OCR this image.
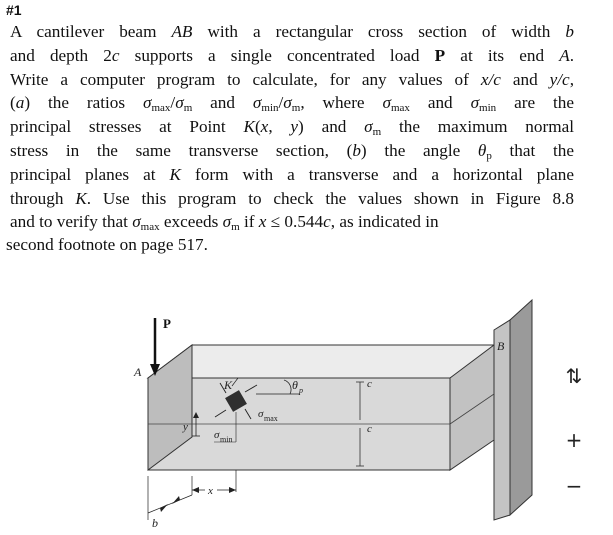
#1
A cantilever beam AB with a rectangular cross section of width b
and depth 2c supports a single concentrated load P at its end A.
Write a computer program to calculate, for any values of x/c and y/c,
(a) the ratios $\sigma_{max}/\sigma_m$ and $\sigma_{min}/\sigma_m$, where $\sigma_{max}$ and $\sigma_{min}$ are the
principal stresses at Point K(x, y) and $\sigma_m$ the maximum normal
stress in the same transverse section, (b) the angle $\theta_p$ that the
principal planes at K form with a transverse and a horizontal plane
through K. Use this program to check the values shown in Figure 8.8
and to verify that $\sigma_{max}$ exceeds $\sigma_m$ if x ≤ 0.544c, as indicated in
second footnote on page 517.
c
c
P
A
B
K
σ max
σ min
θ p
y
b
x
⇅
+
−
